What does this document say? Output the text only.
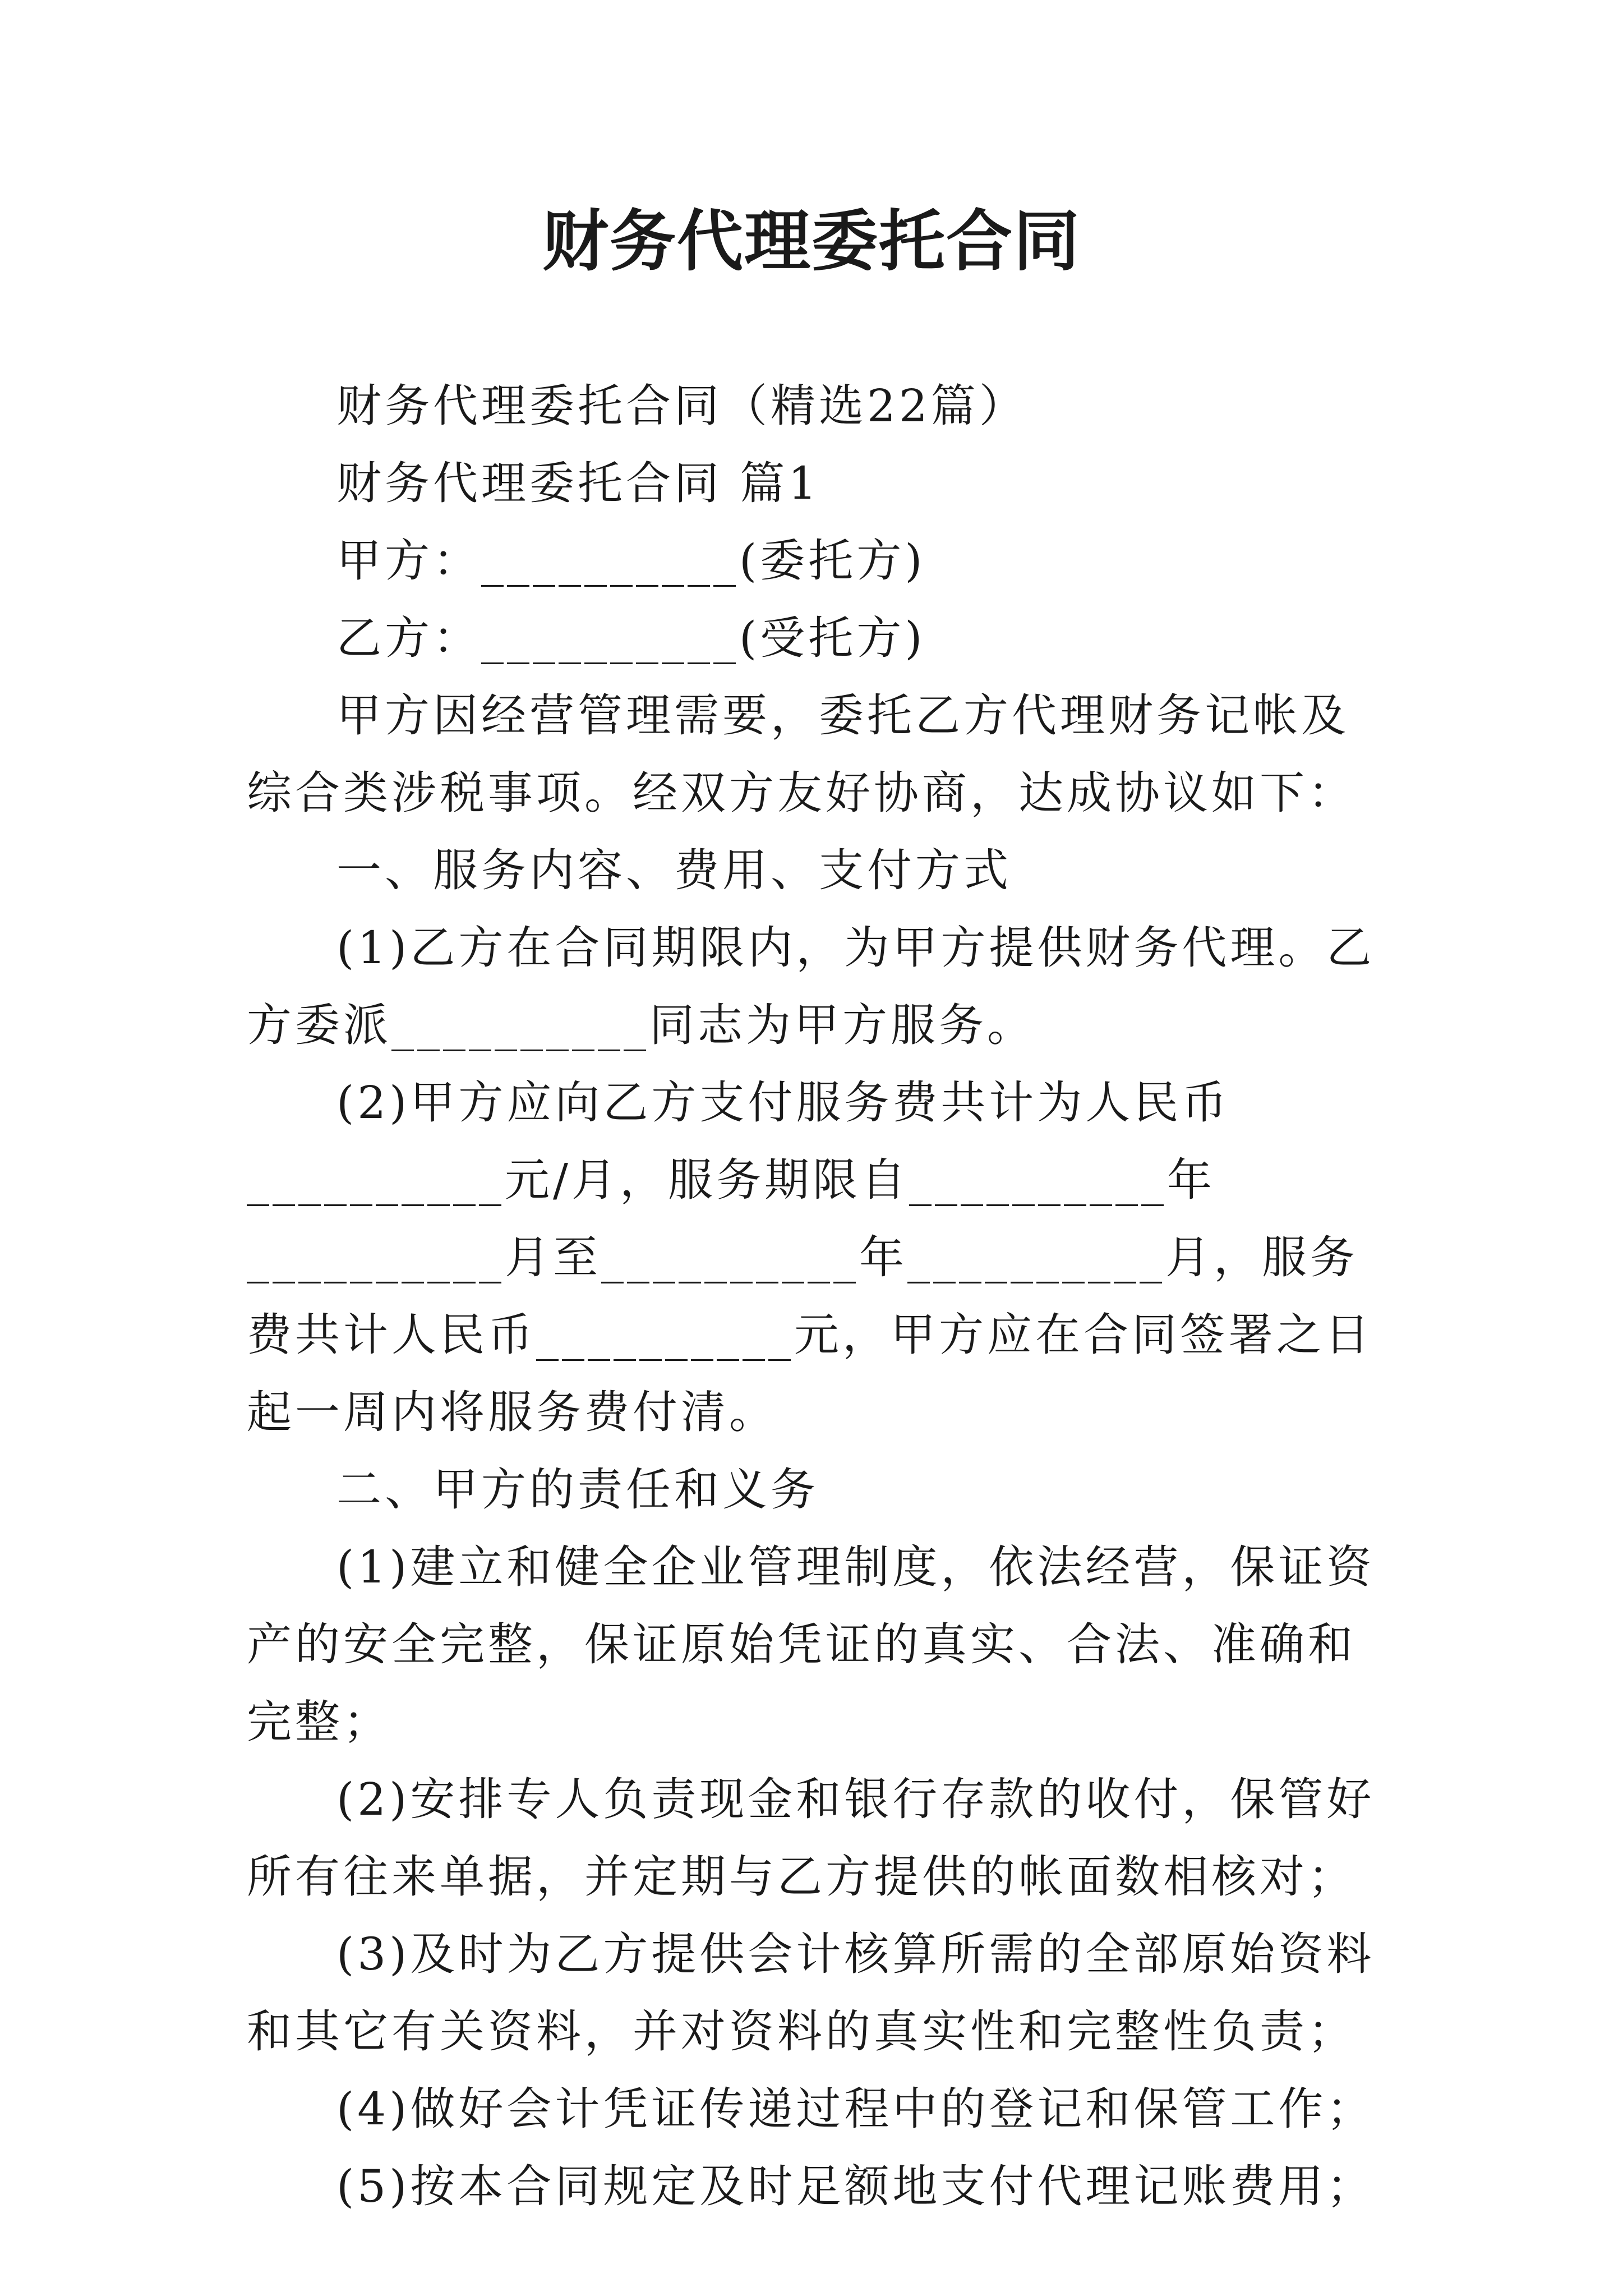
财务代理委托合同

财务代理委托合同（精选22篇）

财务代理委托合同 篇1

甲方：__________(委托方)

乙方：__________(受托方)

甲方因经营管理需要，委托乙方代理财务记帐及综合类涉税事项。经双方友好协商，达成协议如下：

一、服务内容、费用、支付方式

(1)乙方在合同期限内，为甲方提供财务代理。乙方委派__________同志为甲方服务。

(2)甲方应向乙方支付服务费共计为人民币__________元/月，服务期限自__________年__________月至__________年__________月，服务费共计人民币__________元，甲方应在合同签署之日起一周内将服务费付清。

二、甲方的责任和义务

(1)建立和健全企业管理制度，依法经营，保证资产的安全完整，保证原始凭证的真实、合法、准确和完整；

(2)安排专人负责现金和银行存款的收付，保管好所有往来单据，并定期与乙方提供的帐面数相核对；

(3)及时为乙方提供会计核算所需的全部原始资料和其它有关资料，并对资料的真实性和完整性负责；

(4)做好会计凭证传递过程中的登记和保管工作；

(5)按本合同规定及时足额地支付代理记账费用；
